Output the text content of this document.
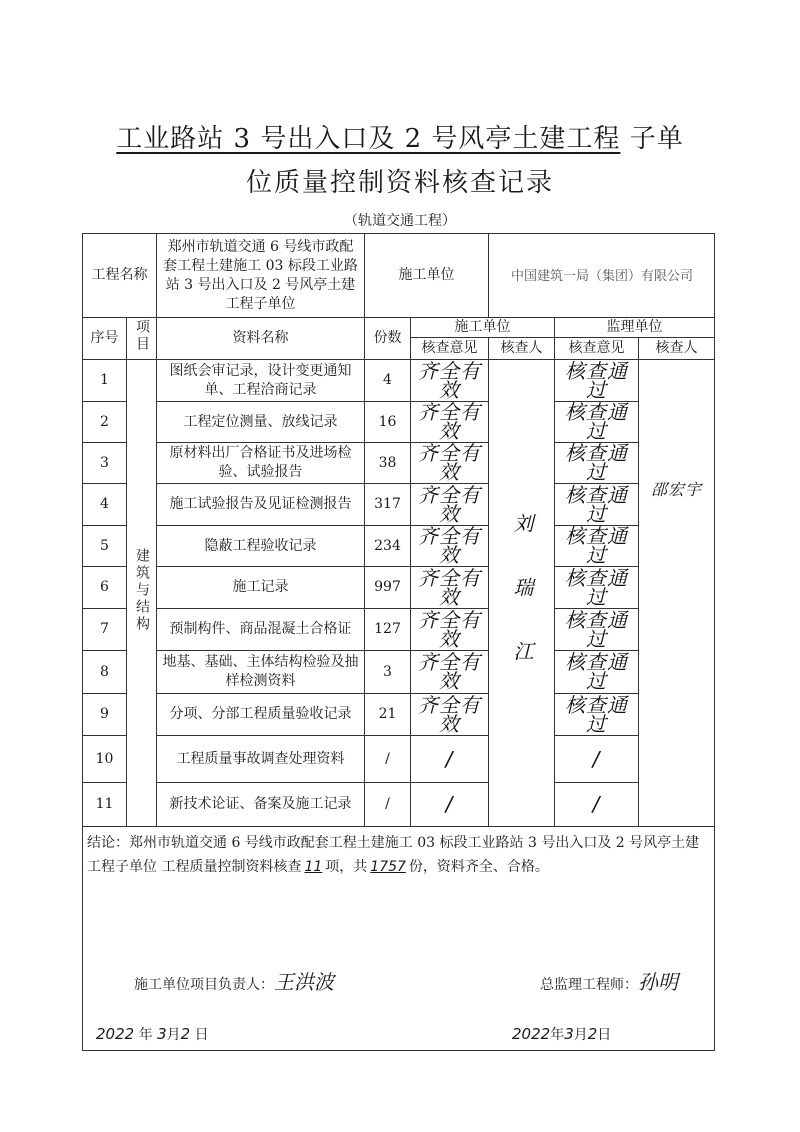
工业路站 3 号出入口及 2 号风亭土建工程 子单
位质量控制资料核查记录
（轨道交通工程）
工程名称		郑州市轨道交通 6 号线市政配套工程土建施工 03 标段工业路站 3 号出入口及 2 号风亭土建工程子单位	施工单位		中国建筑一局（集团）有限公司		
序号	项目	资料名称	份数	施工单位		监理单位	
				核查意见	核查人	核查意见	核查人
1	建筑与结构	图纸会审记录，设计变更通知单、工程洽商记录	4	齐全有效	刘 瑞 江	核查通过	邵宏宇
2		工程定位测量、放线记录	16	齐全有效		核查通过	
3		原材料出厂合格证书及进场检验、试验报告	38	齐全有效		核查通过	
4		施工试验报告及见证检测报告	317	齐全有效		核查通过	
5		隐蔽工程验收记录	234	齐全有效		核查通过	
6		施工记录	997	齐全有效		核查通过	
7		预制构件、商品混凝土合格证	127	齐全有效		核查通过	
8		地基、基础、主体结构检验及抽样检测资料	3	齐全有效		核查通过	
9		分项、分部工程质量验收记录	21	齐全有效		核查通过	
10		工程质量事故调查处理资料	/	/		/	
11		新技术论证、备案及施工记录	/	/		/	
结论：郑州市轨道交通 6 号线市政配套工程土建施工 03 标段工业路站 3 号出入口及 2 号风亭土建工程子单位 工程质量控制资料核查 11 项，共 1757 份，资料齐全、合格。							
施工单位项目负责人：王洪波	总监理工程师：孙明
2022 年 3月2 日	2022年3月2日
